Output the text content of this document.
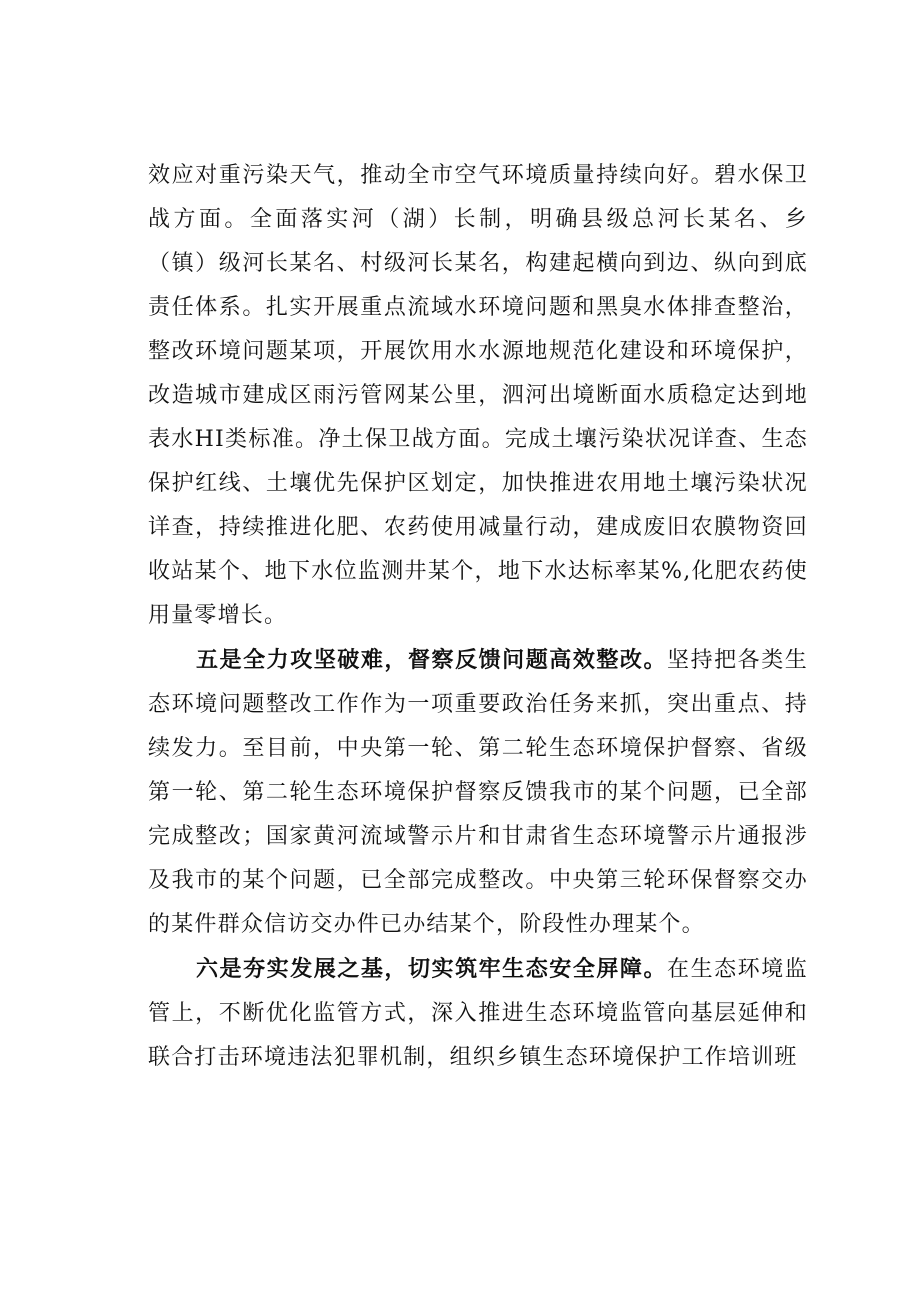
效应对重污染天气，推动全市空气环境质量持续向好。碧水保卫战方面。全面落实河（湖）长制，明确县级总河长某名、乡（镇）级河长某名、村级河长某名，构建起横向到边、纵向到底责任体系。扎实开展重点流域水环境问题和黑臭水体排查整治，整改环境问题某项，开展饮用水水源地规范化建设和环境保护，改造城市建成区雨污管网某公里，泗河出境断面水质稳定达到地表水HI类标准。净土保卫战方面。完成土壤污染状况详查、生态保护红线、土壤优先保护区划定，加快推进农用地土壤污染状况详查，持续推进化肥、农药使用减量行动，建成废旧农膜物资回收站某个、地下水位监测井某个，地下水达标率某%,化肥农药使用量零增长。

五是全力攻坚破难，督察反馈问题高效整改。坚持把各类生态环境问题整改工作作为一项重要政治任务来抓，突出重点、持续发力。至目前，中央第一轮、第二轮生态环境保护督察、省级第一轮、第二轮生态环境保护督察反馈我市的某个问题，已全部完成整改；国家黄河流域警示片和甘肃省生态环境警示片通报涉及我市的某个问题，已全部完成整改。中央第三轮环保督察交办的某件群众信访交办件已办结某个，阶段性办理某个。

六是夯实发展之基，切实筑牢生态安全屏障。在生态环境监管上，不断优化监管方式，深入推进生态环境监管向基层延伸和联合打击环境违法犯罪机制，组织乡镇生态环境保护工作培训班
